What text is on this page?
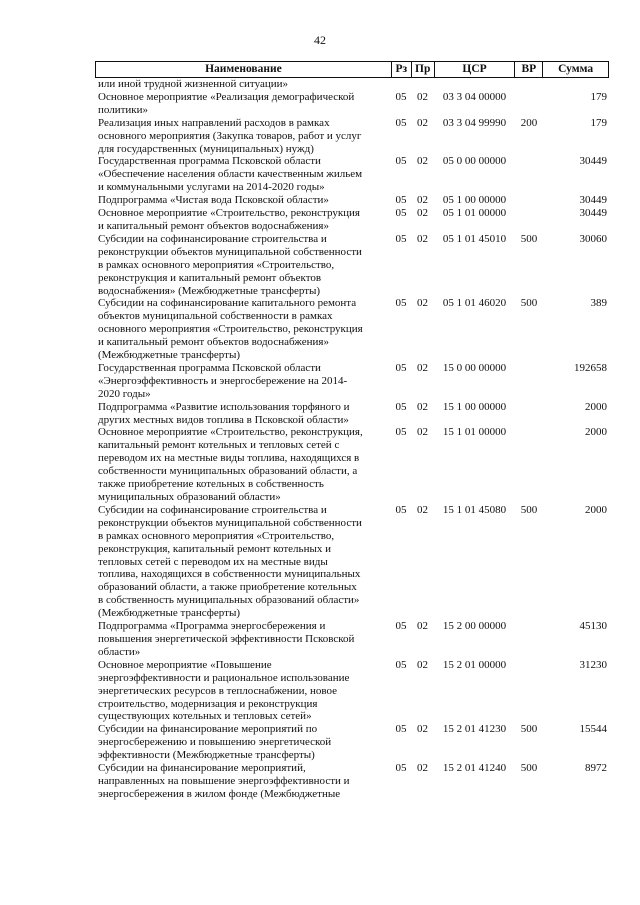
42
Наименование	Рз Пр	ЦСР	ВР	Сумма
или иной трудной жизненной ситуации»
Основное мероприятие «Реализация демографической
политики»
05 02	03 3 04 00000	179
Реализация иных направлений расходов в рамках
основного мероприятия (Закупка товаров, работ и услуг
для государственных (муниципальных) нужд)
05 02	03 3 04 99990	200	179
Государственная программа Псковской области
«Обеспечение населения области качественным жильем
и коммунальными услугами на 2014-2020 годы»
05 02	05 0 00 00000	30449
Подпрограмма «Чистая вода Псковской области»	05 02	05 1 00 00000	30449
Основное мероприятие «Строительство, реконструкция
и капитальный ремонт объектов водоснабжения»
05 02	05 1 01 00000	30449
Субсидии на софинансирование строительства и
реконструкции объектов муниципальной собственности
в рамках основного мероприятия «Строительство,
реконструкция и капитальный ремонт объектов
водоснабжения» (Межбюджетные трансферты)
05 02	05 1 01 45010	500	30060
Субсидии на софинансирование капитального ремонта
объектов муниципальной собственности в рамках
основного мероприятия «Строительство, реконструкция
и капитальный ремонт объектов водоснабжения»
(Межбюджетные трансферты)
05 02	05 1 01 46020	500	389
Государственная программа Псковской области
«Энергоэффективность и энергосбережение на 2014-
2020 годы»
05 02	15 0 00 00000	192658
Подпрограмма «Развитие использования торфяного и
других местных видов топлива в Псковской области»
05 02	15 1 00 00000	2000
Основное мероприятие «Строительство, реконструкция,
капитальный ремонт котельных и тепловых сетей с
переводом их на местные виды топлива, находящихся в
собственности муниципальных образований области, а
также приобретение котельных в собственность
муниципальных образований области»
05 02	15 1 01 00000	2000
Субсидии на софинансирование строительства и
реконструкции объектов муниципальной собственности
в рамках основного мероприятия «Строительство,
реконструкция, капитальный ремонт котельных и
тепловых сетей с переводом их на местные виды
топлива, находящихся в собственности муниципальных
образований области, а также приобретение котельных
в собственность муниципальных образований области»
(Межбюджетные трансферты)
05 02	15 1 01 45080	500	2000
Подпрограмма «Программа энергосбережения и
повышения энергетической эффективности Псковской
области»
05 02	15 2 00 00000	45130
Основное мероприятие «Повышение
энергоэффективности и рациональное использование
энергетических ресурсов в теплоснабжении, новое
строительство, модернизация и реконструкция
существующих котельных и тепловых сетей»
05 02	15 2 01 00000	31230
Субсидии на финансирование мероприятий по
энергосбережению и повышению энергетической
эффективности (Межбюджетные трансферты)
05 02	15 2 01 41230	500	15544
Субсидии на финансирование мероприятий,
направленных на повышение энергоэффективности и
энергосбережения в жилом фонде (Межбюджетные
05 02	15 2 01 41240	500	8972
